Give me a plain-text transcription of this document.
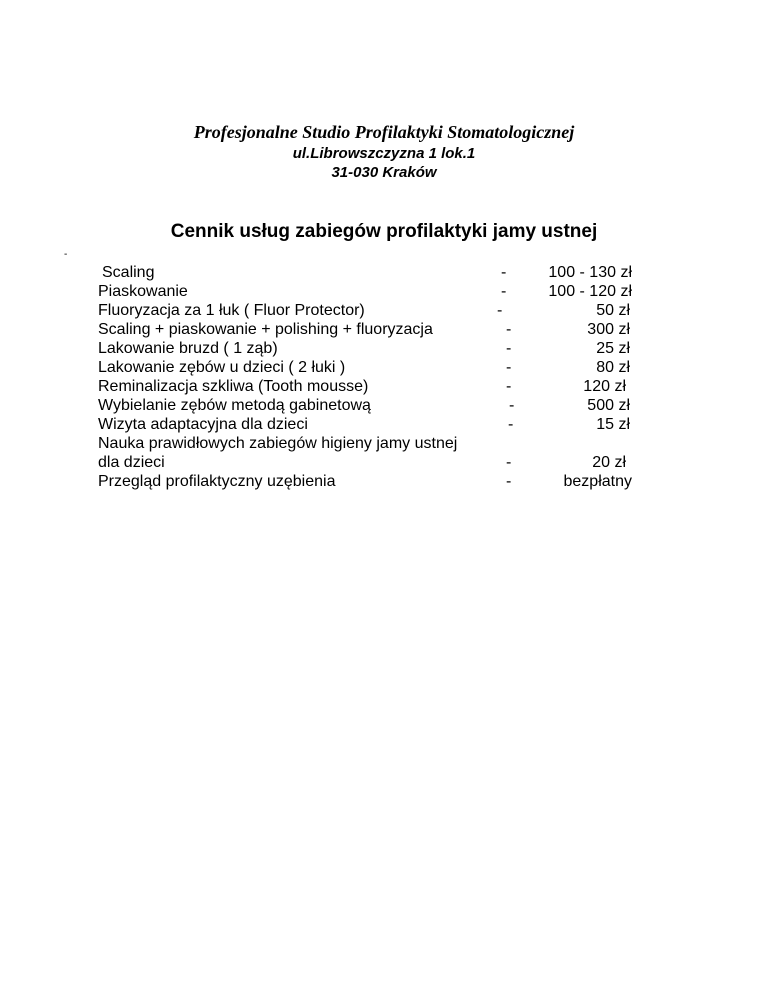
Profesjonalne Studio Profilaktyki Stomatologicznej

ul.Librowszczyzna 1 lok.1

31-030 Kraków

Cennik usług zabiegów profilaktyki jamy ustnej
-
Scaling	-	100 - 130 zł
Piaskowanie	-	100 - 120 zł
Fluoryzacja za 1 łuk ( Fluor Protector)	-	50 zł
Scaling + piaskowanie + polishing + fluoryzacja	-	300 zł
Lakowanie bruzd ( 1 ząb)	-	25 zł
Lakowanie zębów u dzieci ( 2 łuki )	-	80 zł
Reminalizacja szkliwa (Tooth mousse)	-	120 zł
Wybielanie zębów metodą gabinetową	-	500 zł
Wizyta adaptacyjna dla dzieci	-	15 zł
Nauka prawidłowych zabiegów higieny jamy ustnej dla dzieci	-	20 zł
Przegląd profilaktyczny uzębienia	-	bezpłatny
